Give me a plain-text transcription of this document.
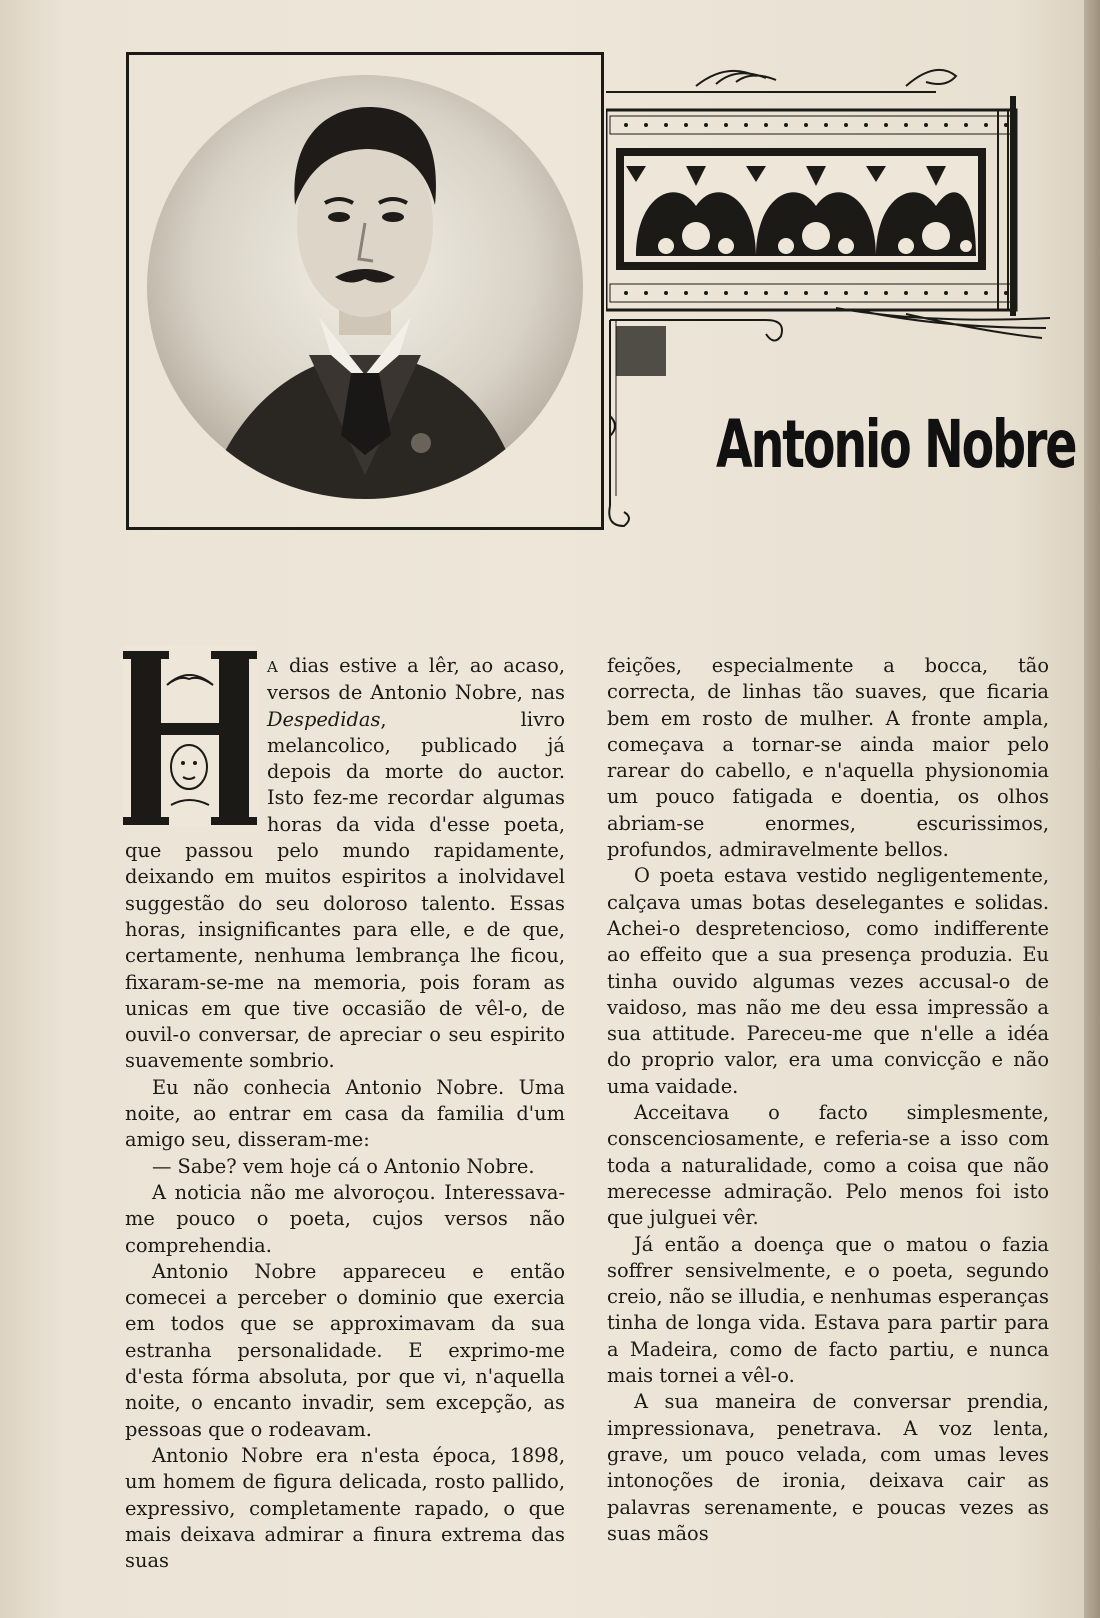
Antonio Nobre
H

A dias estive a lêr, ao acaso, versos de Antonio Nobre, nas Despedidas, livro melancolico, publicado já depois da morte do auctor. Isto fez-me recordar algumas horas da vida d'esse poeta, que passou pelo mundo rapidamente, deixando em muitos espiritos a inolvidavel suggestão do seu doloroso talento. Essas horas, insignificantes para elle, e de que, certamente, nenhuma lembrança lhe ficou, fixaram-se-me na memoria, pois foram as unicas em que tive occasião de vêl-o, de ouvil-o conversar, de apreciar o seu espirito suavemente sombrio.

Eu não conhecia Antonio Nobre. Uma noite, ao entrar em casa da familia d'um amigo seu, disseram-me:

— Sabe? vem hoje cá o Antonio Nobre.

A noticia não me alvoroçou. Interessava-me pouco o poeta, cujos versos não comprehendia.

Antonio Nobre appareceu e então comecei a perceber o dominio que exercia em todos que se approximavam da sua estranha personalidade. E exprimo-me d'esta fórma absoluta, por que vi, n'aquella noite, o encanto invadir, sem excepção, as pessoas que o rodeavam.

Antonio Nobre era n'esta época, 1898, um homem de figura delicada, rosto pallido, expressivo, completamente rapado, o que mais deixava admirar a finura extrema das suas

feições, especialmente a bocca, tão correcta, de linhas tão suaves, que ficaria bem em rosto de mulher. A fronte ampla, começava a tornar-se ainda maior pelo rarear do cabello, e n'aquella physionomia um pouco fatigada e doentia, os olhos abriam-se enormes, escurissimos, profundos, admiravelmente bellos.

O poeta estava vestido negligentemente, calçava umas botas deselegantes e solidas. Achei-o despretencioso, como indifferente ao effeito que a sua presença produzia. Eu tinha ouvido algumas vezes accusal-o de vaidoso, mas não me deu essa impressão a sua attitude. Pareceu-me que n'elle a idéa do proprio valor, era uma convicção e não uma vaidade.

Acceitava o facto simplesmente, conscenciosamente, e referia-se a isso com toda a naturalidade, como a coisa que não merecesse admiração. Pelo menos foi isto que julguei vêr.

Já então a doença que o matou o fazia soffrer sensivelmente, e o poeta, segundo creio, não se illudia, e nenhumas esperanças tinha de longa vida. Estava para partir para a Madeira, como de facto partiu, e nunca mais tornei a vêl-o.

A sua maneira de conversar prendia, impressionava, penetrava. A voz lenta, grave, um pouco velada, com umas leves intonoções de ironia, deixava cair as palavras serenamente, e poucas vezes as suas mãos
